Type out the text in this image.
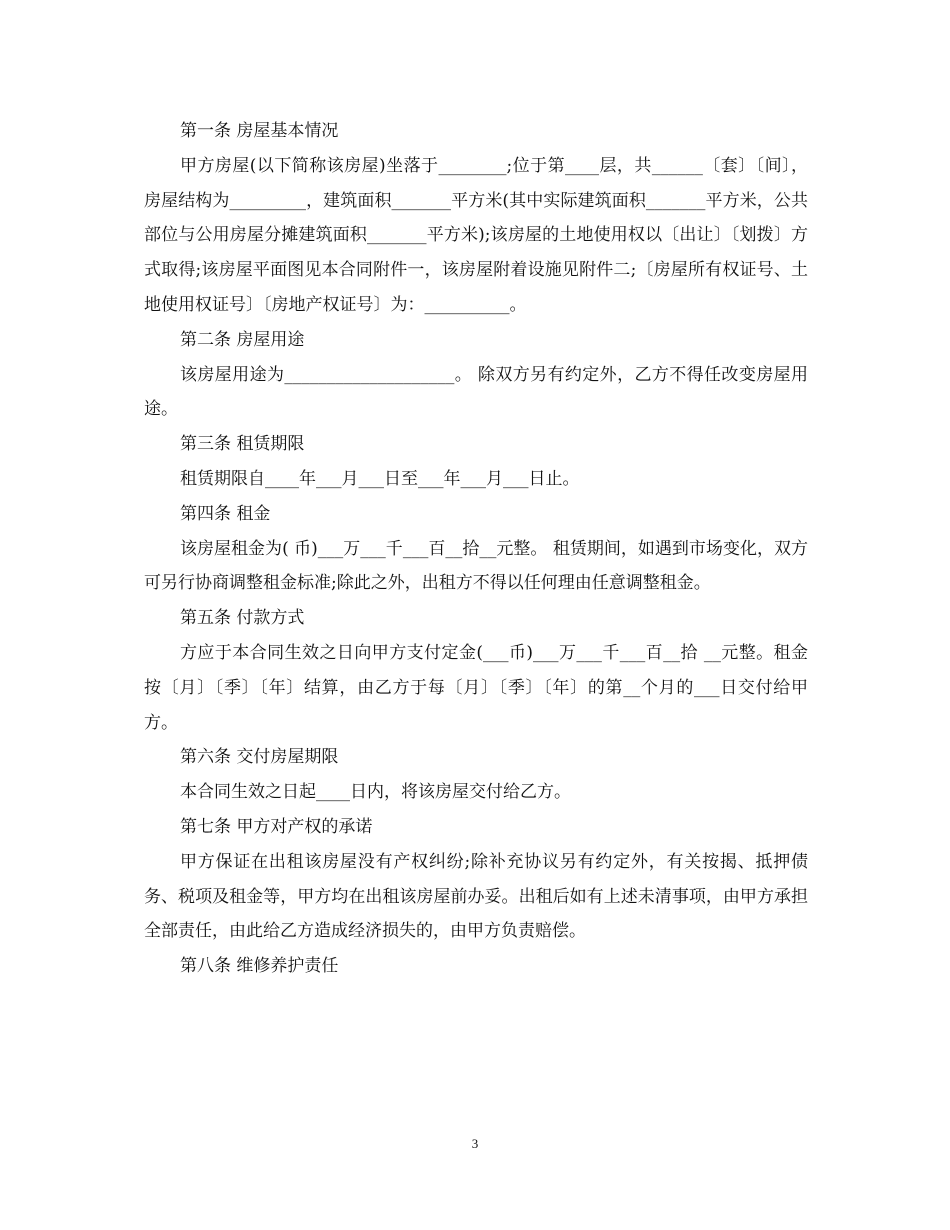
第一条 房屋基本情况

甲方房屋(以下简称该房屋)坐落于________;位于第____层，共______〔套〕〔间〕，房屋结构为_________，建筑面积_______平方米(其中实际建筑面积_______平方米，公共部位与公用房屋分摊建筑面积_______平方米);该房屋的土地使用权以〔出让〕〔划拨〕方式取得;该房屋平面图见本合同附件一，该房屋附着设施见附件二;〔房屋所有权证号、土地使用权证号〕〔房地产权证号〕为：__________。

第二条 房屋用途

该房屋用途为____________________。 除双方另有约定外，乙方不得任改变房屋用途。

第三条 租赁期限

租赁期限自____年___月___日至___年___月___日止。

第四条 租金

该房屋租金为( 币)___万___千___百__拾__元整。 租赁期间，如遇到市场变化，双方可另行协商调整租金标准;除此之外，出租方不得以任何理由任意调整租金。

第五条 付款方式

方应于本合同生效之日向甲方支付定金(___币)___万___千___百__拾 __元整。租金按〔月〕〔季〕〔年〕结算，由乙方于每〔月〕〔季〕〔年〕的第__个月的___日交付给甲方。

第六条 交付房屋期限

本合同生效之日起____日内，将该房屋交付给乙方。

第七条 甲方对产权的承诺

甲方保证在出租该房屋没有产权纠纷;除补充协议另有约定外，有关按揭、抵押债务、税项及租金等，甲方均在出租该房屋前办妥。出租后如有上述未清事项，由甲方承担全部责任，由此给乙方造成经济损失的，由甲方负责赔偿。

第八条 维修养护责任
3
